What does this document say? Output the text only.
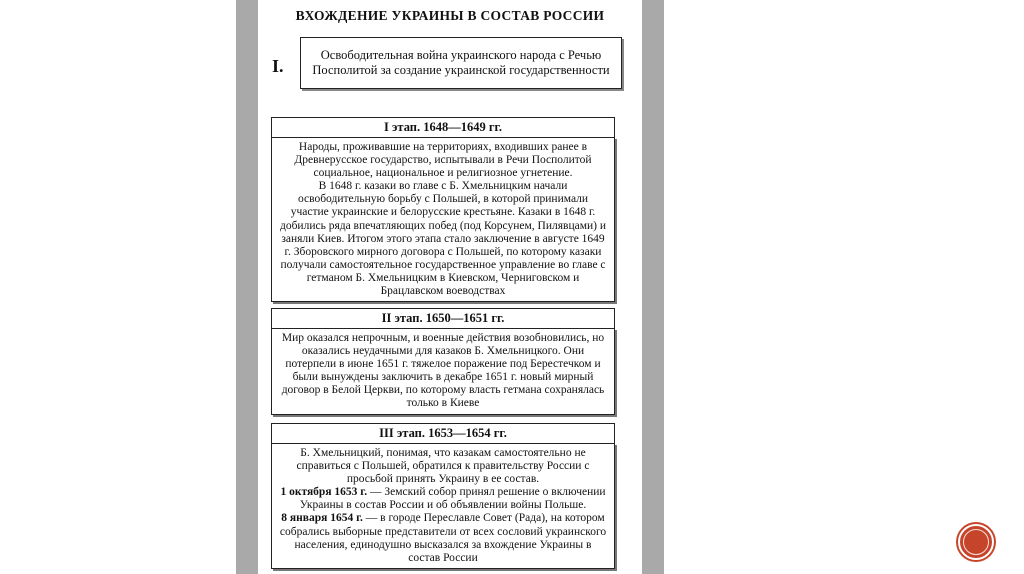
ВХОЖДЕНИЕ УКРАИНЫ В СОСТАВ РОССИИ
I.
Освободительная война украинского народа с Речью Посполитой за создание украинской государственности
I этап. 1648—1649 гг.

Народы, проживавшие на территориях, входивших ранее в Древнерусское государство, испытывали в Речи Посполитой социальное, национальное и религиозное угнетение.

В 1648 г. казаки во главе с Б. Хмельницким начали освободительную борьбу с Польшей, в которой принимали участие украинские и белорусские крестьяне. Казаки в 1648 г. добились ряда впечатляющих побед (под Корсунем, Пилявцами) и заняли Киев. Итогом этого этапа стало заключение в августе 1649 г. Зборовского мирного договора с Польшей, по которому казаки получали самостоятельное государственное управление во главе с гетманом Б. Хмельницким в Киевском, Черниговском и Брацлавском воеводствах

II этап. 1650—1651 гг.

Мир оказался непрочным, и военные действия возобновились, но оказались неудачными для казаков Б. Хмельницкого. Они потерпели в июне 1651 г. тяжелое поражение под Берестечком и были вынуждены заключить в декабре 1651 г. новый мирный договор в Белой Церкви, по которому власть гетмана сохранялась только в Киеве

III этап. 1653—1654 гг.

Б. Хмельницкий, понимая, что казакам самостоятельно не справиться с Польшей, обратился к правительству России с просьбой принять Украину в ее состав.

1 октября 1653 г. — Земский собор принял решение о включении Украины в состав России и об объявлении войны Польше.

8 января 1654 г. — в городе Переславле Совет (Рада), на котором собрались выборные представители от всех сословий украинского населения, единодушно высказался за вхождение Украины в состав России
